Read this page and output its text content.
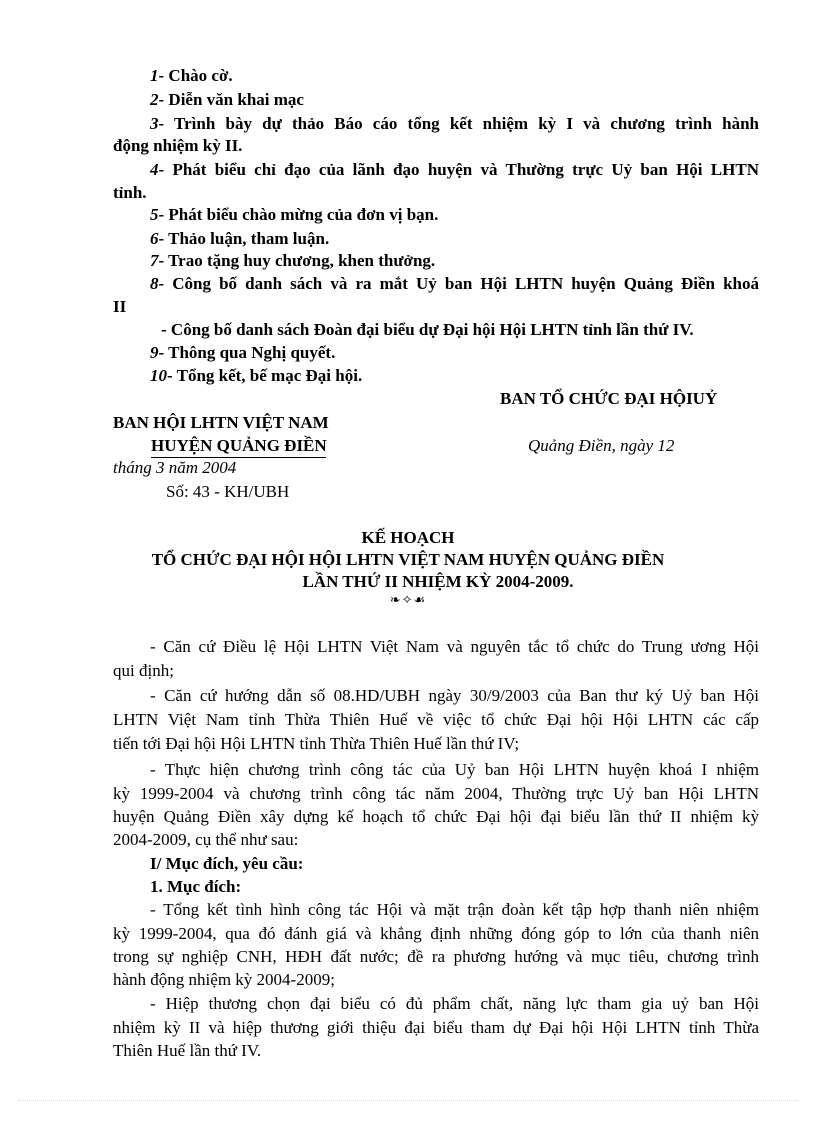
1- Chào cờ.
2- Diễn văn khai mạc
3- Trình bày dự thảo Báo cáo tổng kết nhiệm kỳ I và chương trình hành
động nhiệm kỳ II.
4- Phát biểu chỉ đạo của lãnh đạo huyện và Thường trực Uỷ ban Hội LHTN
tỉnh.
5- Phát biểu chào mừng của đơn vị bạn.
6- Thảo luận, tham luận.
7- Trao tặng huy chương, khen thưởng.
8- Công bố danh sách và ra mắt Uỷ ban Hội LHTN huyện Quảng Điền khoá
II
- Công bố danh sách Đoàn đại biểu dự Đại hội Hội LHTN tỉnh lần thứ IV.
9- Thông qua Nghị quyết.
10- Tổng kết, bế mạc Đại hội.
BAN TỔ CHỨC ĐẠI HỘIUỶ
BAN HỘI LHTN VIỆT NAM
HUYỆN QUẢNG ĐIỀN	Quảng Điền, ngày 12
tháng 3 năm 2004
Số: 43 - KH/UBH
KẾ HOẠCH
TỔ CHỨC ĐẠI HỘI HỘI LHTN VIỆT NAM HUYỆN QUẢNG ĐIỀN
LẦN THỨ II NHIỆM KỲ 2004-2009.
❧✧☙
- Căn cứ Điều lệ Hội LHTN Việt Nam và nguyên tắc tổ chức do Trung ương Hội
qui định;
- Căn cứ hướng dẫn số 08.HD/UBH ngày 30/9/2003 của Ban thư ký Uỷ ban Hội
LHTN Việt Nam tỉnh Thừa Thiên Huế về việc tổ chức Đại hội Hội LHTN các cấp
tiến tới Đại hội Hội LHTN tỉnh Thừa Thiên Huế lần thứ IV;
- Thực hiện chương trình công tác của Uỷ ban Hội LHTN huyện khoá I nhiệm
kỳ 1999-2004 và chương trình công tác năm 2004, Thường trực Uỷ ban Hội LHTN
huyện Quảng Điền xây dựng kế hoạch tổ chức Đại hội đại biểu lần thứ II nhiệm kỳ
2004-2009, cụ thể như sau:
I/ Mục đích, yêu cầu:
1. Mục đích:
- Tổng kết tình hình công tác Hội và mặt trận đoàn kết tập hợp thanh niên nhiệm
kỳ 1999-2004, qua đó đánh giá và khẳng định những đóng góp to lớn của thanh niên
trong sự nghiệp CNH, HĐH đất nước; đề ra phương hướng và mục tiêu, chương trình
hành động nhiệm kỳ 2004-2009;
- Hiệp thương chọn đại biểu có đủ phẩm chất, năng lực tham gia uỷ ban Hội
nhiệm kỳ II và hiệp thương giới thiệu đại biểu tham dự Đại hội Hội LHTN tỉnh Thừa
Thiên Huế lần thứ IV.
